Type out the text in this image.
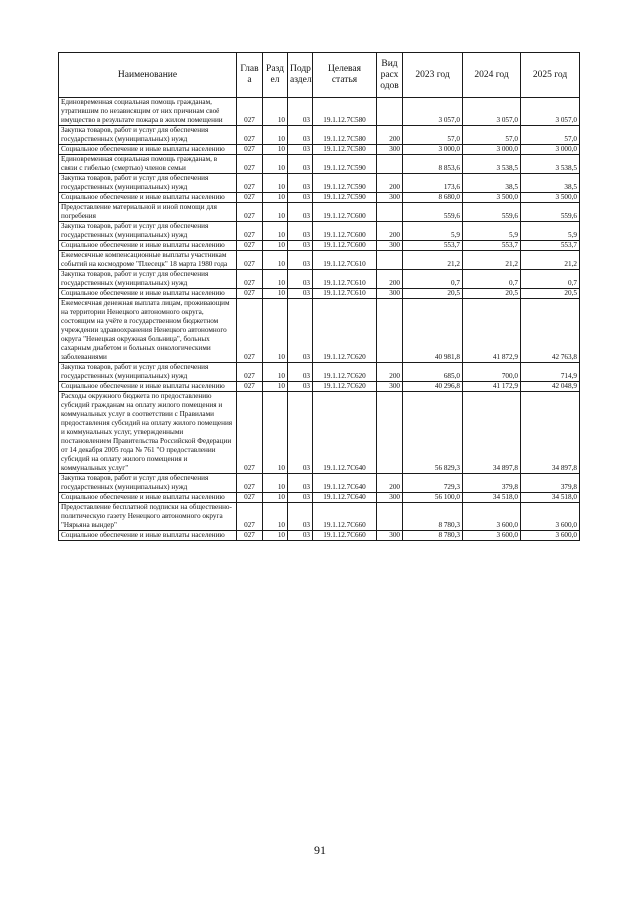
Наименование	Глав а	Разд ел	Подр аздел	Целевая статья	Вид расх одов	2023 год	2024 год	2025 год
Единовременная социальная помощь гражданам, утратившим по независящим от них причинам своё имущество в результате пожара в жилом помещении	027	10	03	19.1.12.7С580		3 057,0	3 057,0	3 057,0
Закупка товаров, работ и услуг для обеспечения государственных (муниципальных) нужд	027	10	03	19.1.12.7С580	200	57,0	57,0	57,0
Социальное обеспечение и иные выплаты населению	027	10	03	19.1.12.7С580	300	3 000,0	3 000,0	3 000,0
Единовременная социальная помощь гражданам, в связи с гибелью (смертью) членов семьи	027	10	03	19.1.12.7С590		8 853,6	3 538,5	3 538,5
Закупка товаров, работ и услуг для обеспечения государственных (муниципальных) нужд	027	10	03	19.1.12.7С590	200	173,6	38,5	38,5
Социальное обеспечение и иные выплаты населению	027	10	03	19.1.12.7С590	300	8 680,0	3 500,0	3 500,0
Предоставление материальной и иной помощи для погребения	027	10	03	19.1.12.7С600		559,6	559,6	559,6
Закупка товаров, работ и услуг для обеспечения государственных (муниципальных) нужд	027	10	03	19.1.12.7С600	200	5,9	5,9	5,9
Социальное обеспечение и иные выплаты населению	027	10	03	19.1.12.7С600	300	553,7	553,7	553,7
Ежемесячные компенсационные выплаты участникам событий на космодроме "Плесецк" 18 марта 1980 года	027	10	03	19.1.12.7С610		21,2	21,2	21,2
Закупка товаров, работ и услуг для обеспечения государственных (муниципальных) нужд	027	10	03	19.1.12.7С610	200	0,7	0,7	0,7
Социальное обеспечение и иные выплаты населению	027	10	03	19.1.12.7С610	300	20,5	20,5	20,5
Ежемесячная денежная выплата лицам, проживающим на территории Ненецкого автономного округа, состоящим на учёте в государственном бюджетном учреждении здравоохранения Ненецкого автономного округа "Ненецкая окружная больница", больных сахарным диабетом и больных онкологическими заболеваниями	027	10	03	19.1.12.7С620		40 981,8	41 872,9	42 763,8
Закупка товаров, работ и услуг для обеспечения государственных (муниципальных) нужд	027	10	03	19.1.12.7С620	200	685,0	700,0	714,9
Социальное обеспечение и иные выплаты населению	027	10	03	19.1.12.7С620	300	40 296,8	41 172,9	42 048,9
Расходы окружного бюджета по предоставлению субсидий гражданам на оплату жилого помещения и коммунальных услуг в соответствии с Правилами предоставления субсидий на оплату жилого помещения и коммунальных услуг, утвержденными постановлением Правительства Российской Федерации от 14 декабря 2005 года № 761 "О предоставлении субсидий на оплату жилого помещения и коммунальных услуг"	027	10	03	19.1.12.7С640		56 829,3	34 897,8	34 897,8
Закупка товаров, работ и услуг для обеспечения государственных (муниципальных) нужд	027	10	03	19.1.12.7С640	200	729,3	379,8	379,8
Социальное обеспечение и иные выплаты населению	027	10	03	19.1.12.7С640	300	56 100,0	34 518,0	34 518,0
Предоставление бесплатной подписки на общественно-политическую газету Ненецкого автономного округа "Нярьяна вындер"	027	10	03	19.1.12.7С660		8 780,3	3 600,0	3 600,0
Социальное обеспечение и иные выплаты населению	027	10	03	19.1.12.7С660	300	8 780,3	3 600,0	3 600,0
91
